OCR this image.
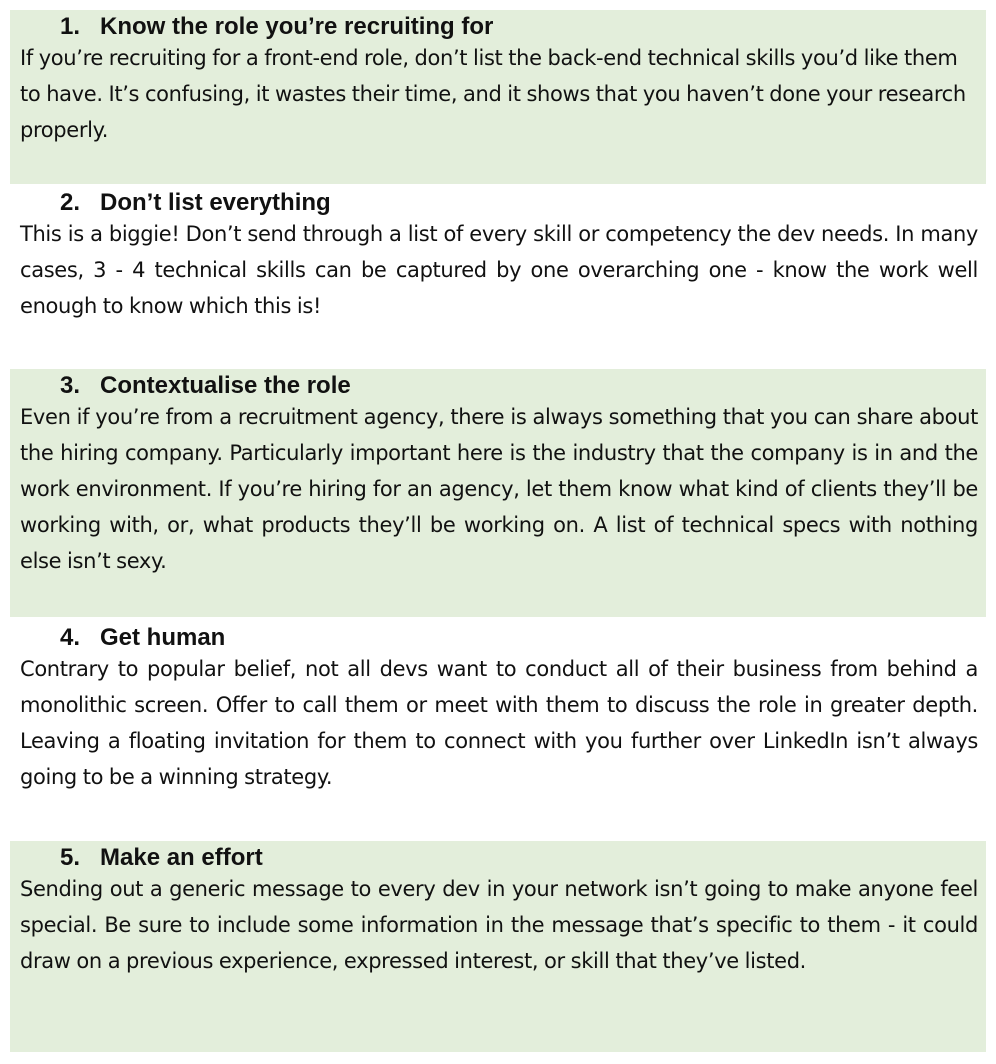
1. Know the role you’re recruiting for

If you’re recruiting for a front-end role, don’t list the back-end technical skills you’d like them to have. It’s confusing, it wastes their time, and it shows that you haven’t done your research properly.

2. Don’t list everything

This is a biggie! Don’t send through a list of every skill or competency the dev needs. In many cases, 3 - 4 technical skills can be captured by one overarching one - know the work well enough to know which this is!

3. Contextualise the role

Even if you’re from a recruitment agency, there is always something that you can share about the hiring company. Particularly important here is the industry that the company is in and the work environment. If you’re hiring for an agency, let them know what kind of clients they’ll be working with, or, what products they’ll be working on. A list of technical specs with nothing else isn’t sexy.

4. Get human

Contrary to popular belief, not all devs want to conduct all of their business from behind a monolithic screen. Offer to call them or meet with them to discuss the role in greater depth. Leaving a floating invitation for them to connect with you further over LinkedIn isn’t always going to be a winning strategy.

5. Make an effort

Sending out a generic message to every dev in your network isn’t going to make anyone feel special. Be sure to include some information in the message that’s specific to them - it could draw on a previous experience, expressed interest, or skill that they’ve listed.
